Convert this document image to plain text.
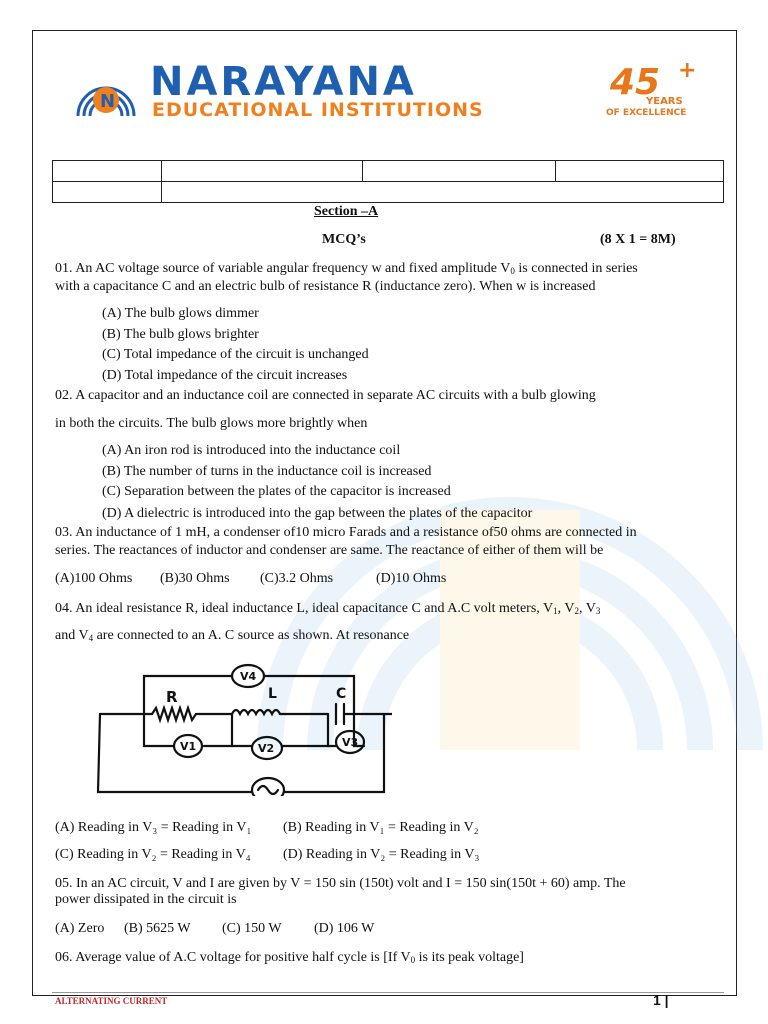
N NARAYANA
EDUCATIONAL INSTITUTIONS
45 +
YEARS
OF EXCELLENCE

Section –A
MCQ’s	(8 X 1 = 8M)
01. An AC voltage source of variable angular frequency w and fixed amplitude $V_0$ is connected in series
with a capacitance C and an electric bulb of resistance R (inductance zero). When w is increased
(A) The bulb glows dimmer
(B) The bulb glows brighter
(C) Total impedance of the circuit is unchanged
(D) Total impedance of the circuit increases
02. A capacitor and an inductance coil are connected in separate AC circuits with a bulb glowing
in both the circuits. The bulb glows more brightly when
(A) An iron rod is introduced into the inductance coil
(B) The number of turns in the inductance coil is increased
(C) Separation between the plates of the capacitor is increased
(D) A dielectric is introduced into the gap between the plates of the capacitor
03. An inductance of 1 mH, a condenser of10 micro Farads and a resistance of50 ohms are connected in
series. The reactances of inductor and condenser are same. The reactance of either of them will be
(A)100 Ohms (B)30 Ohms (C)3.2 Ohms	(D)10 Ohms
04. An ideal resistance R, ideal inductance L, ideal capacitance C and A.C volt meters, $V_1$, $V_2$, $V_3$
and $V_4$ are connected to an A. C source as shown. At resonance
V4
R	L	C
V1	V2	V3
(A) Reading in V₃ = Reading in V₁ (B) Reading in V₁ = Reading in V₂
(C) Reading in V₂ = Reading in V₄ (D) Reading in V₂ = Reading in V₃
05. In an AC circuit, V and I are given by V = 150 sin (150t) volt and I = 150 sin(150t + 60) amp. The
power dissipated in the circuit is
(A) Zero (B) 5625 W (C) 150 W (D) 106 W
06. Average value of A.C voltage for positive half cycle is [If $V_0$ is its peak voltage]
ALTERNATING CURRENT	1 |
